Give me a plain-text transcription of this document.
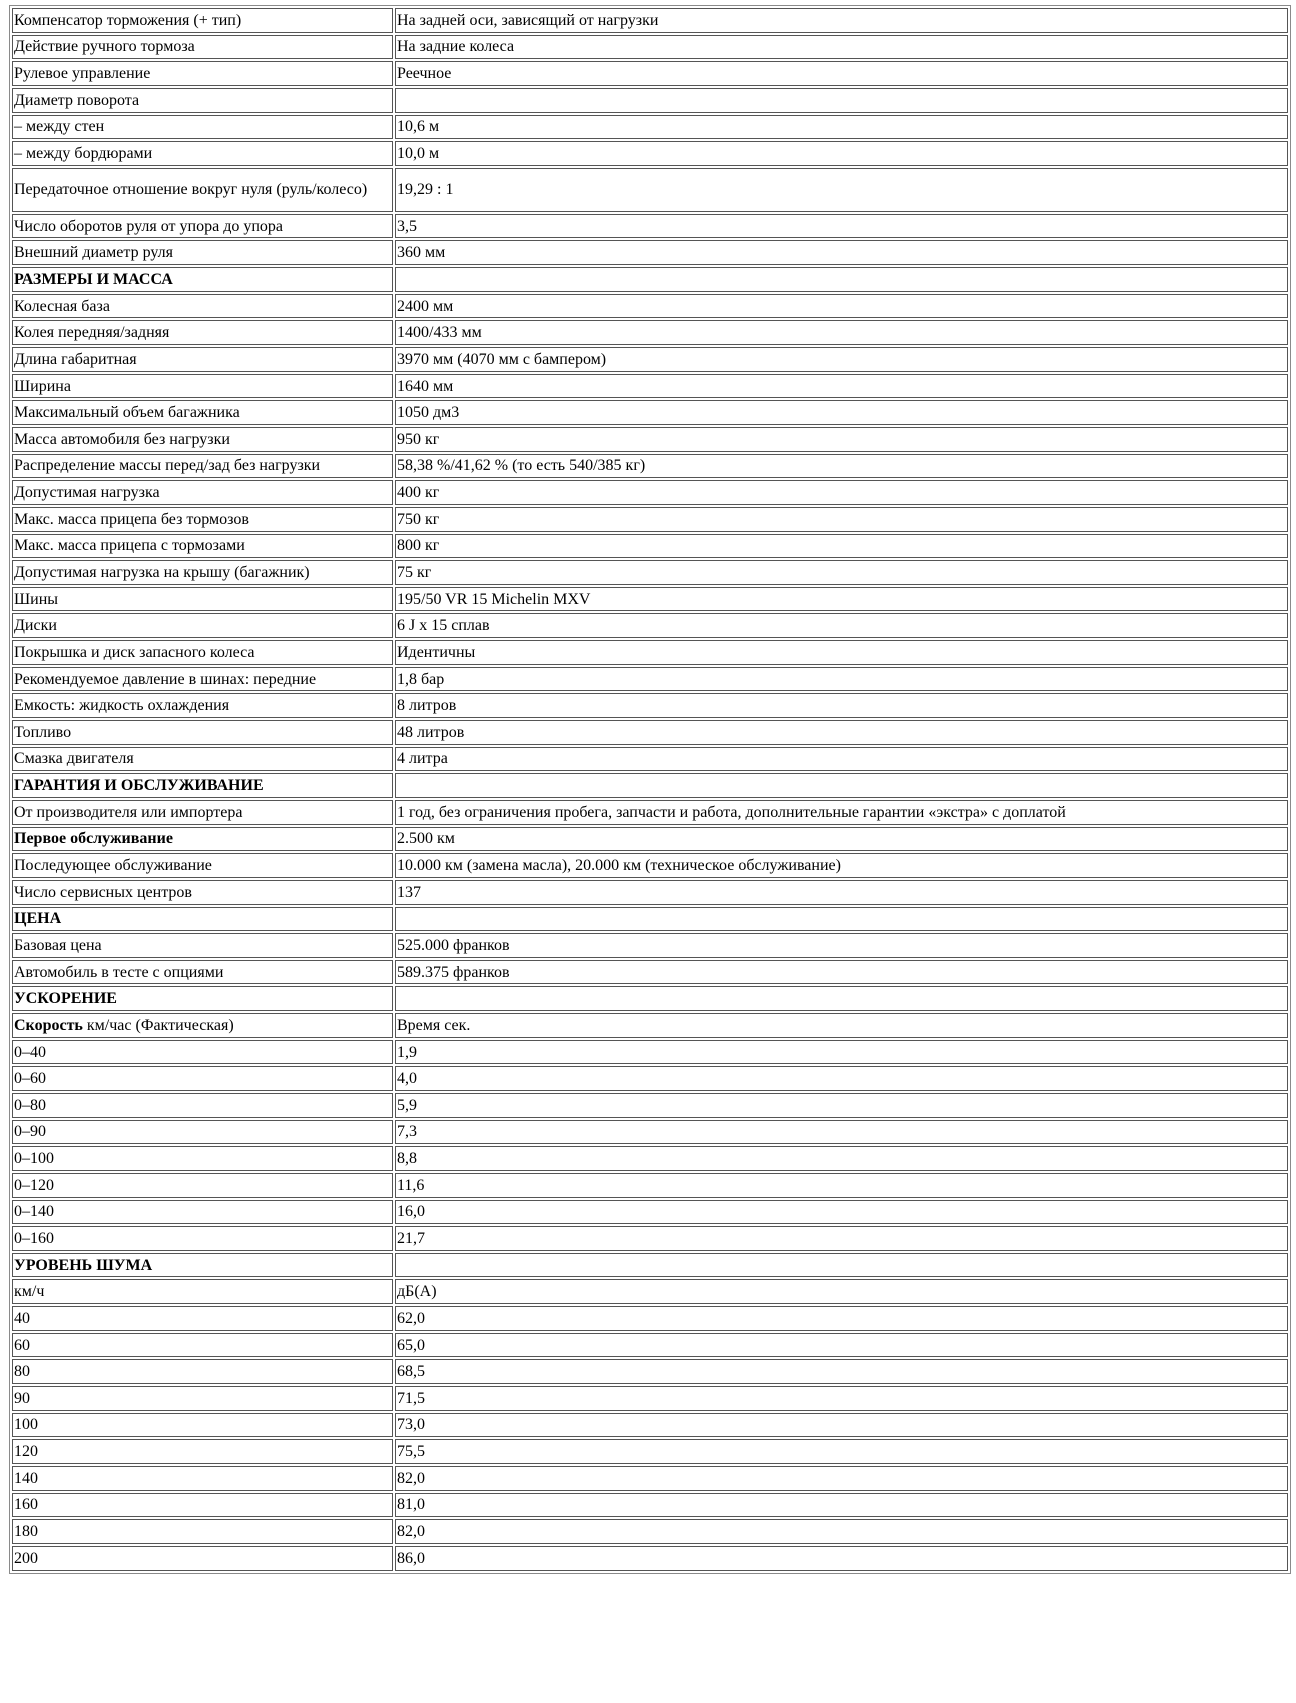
Компенсатор торможения (+ тип)	На задней оси, зависящий от нагрузки
Действие ручного тормоза	На задние колеса
Рулевое управление	Реечное
Диаметр поворота	
– между стен	10,6 м
– между бордюрами	10,0 м
Передаточное отношение вокруг нуля (руль/колесо)	19,29 : 1
Число оборотов руля от упора до упора	3,5
Внешний диаметр руля	360 мм
РАЗМЕРЫ И МАССА	
Колесная база	2400 мм
Колея передняя/задняя	1400/433 мм
Длина габаритная	3970 мм (4070 мм с бампером)
Ширина	1640 мм
Максимальный объем багажника	1050 дм3
Масса автомобиля без нагрузки	950 кг
Распределение массы перед/зад без нагрузки	58,38 %/41,62 % (то есть 540/385 кг)
Допустимая нагрузка	400 кг
Макс. масса прицепа без тормозов	750 кг
Макс. масса прицепа с тормозами	800 кг
Допустимая нагрузка на крышу (багажник)	75 кг
Шины	195/50 VR 15 Michelin MXV
Диски	6 J x 15 сплав
Покрышка и диск запасного колеса	Идентичны
Рекомендуемое давление в шинах: передние	1,8 бар
Емкость: жидкость охлаждения	8 литров
Топливо	48 литров
Смазка двигателя	4 литра
ГАРАНТИЯ И ОБСЛУЖИВАНИЕ	
От производителя или импортера	1 год, без ограничения пробега, запчасти и работа, дополнительные гарантии «экстра» с доплатой
Первое обслуживание	2.500 км
Последующее обслуживание	10.000 км (замена масла), 20.000 км (техническое обслуживание)
Число сервисных центров	137
ЦЕНА	
Базовая цена	525.000 франков
Автомобиль в тесте с опциями	589.375 франков
УСКОРЕНИЕ	
Скорость км/час (Фактическая)	Время сек.
0–40	1,9
0–60	4,0
0–80	5,9
0–90	7,3
0–100	8,8
0–120	11,6
0–140	16,0
0–160	21,7
УРОВЕНЬ ШУМА	
км/ч	дБ(А)
40	62,0
60	65,0
80	68,5
90	71,5
100	73,0
120	75,5
140	82,0
160	81,0
180	82,0
200	86,0
